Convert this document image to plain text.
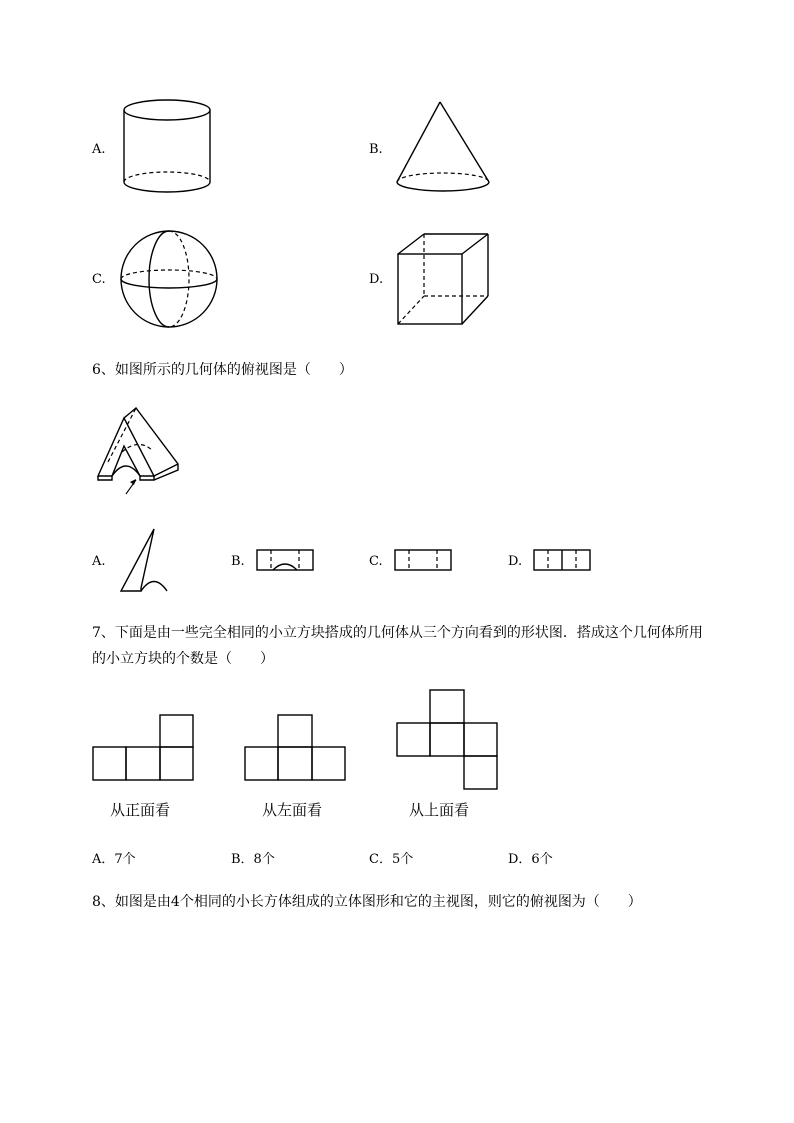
A.	B.
C.	D.
6、如图所示的几何体的俯视图是（　　）
A.	B.	C.	D.
7、下面是由一些完全相同的小立方块搭成的几何体从三个方向看到的形状图．搭成这个几何体所用
的小立方块的个数是（　　）
从正面看	从左面看	从上面看
A．7个	B．8个	C．5个	D．6个
8、如图是由4个相同的小长方体组成的立体图形和它的主视图，则它的俯视图为（　　）
